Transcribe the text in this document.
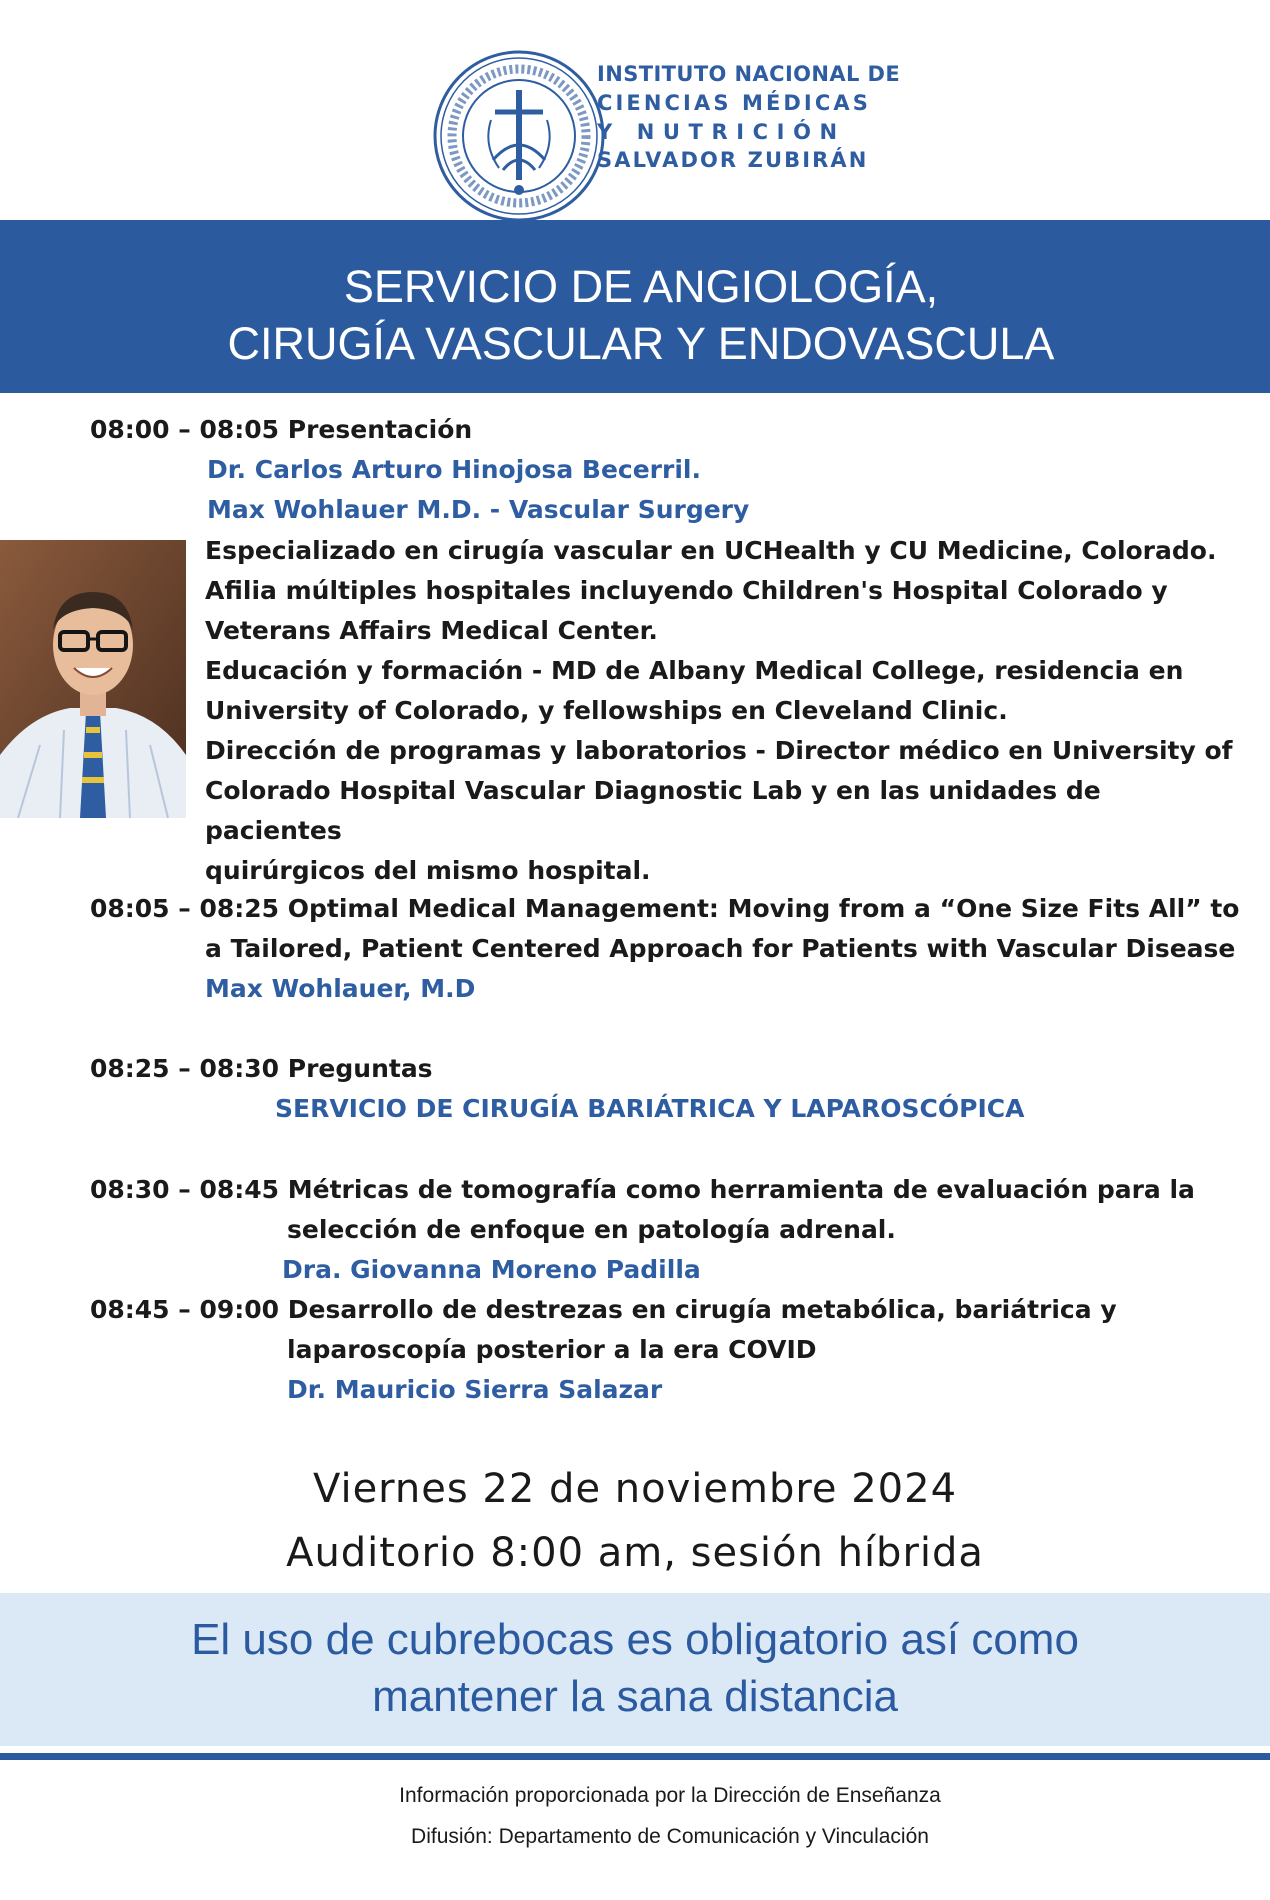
INSTITUTO NACIONAL DE
CIENCIAS MÉDICAS
Y NUTRICIÓN
SALVADOR ZUBIRÁN
SERVICIO DE ANGIOLOGÍA,
CIRUGÍA VASCULAR Y ENDOVASCULA
08:00 – 08:05 Presentación
Dr. Carlos Arturo Hinojosa Becerril.
Max Wohlauer M.D. - Vascular Surgery
Especializado en cirugía vascular en UCHealth y CU Medicine, Colorado.
Afilia múltiples hospitales incluyendo Children's Hospital Colorado y
Veterans Affairs Medical Center.
Educación y formación - MD de Albany Medical College, residencia en
University of Colorado, y fellowships en Cleveland Clinic.
Dirección de programas y laboratorios - Director médico en University of
Colorado Hospital Vascular Diagnostic Lab y en las unidades de pacientes
quirúrgicos del mismo hospital.
08:05 – 08:25 Optimal Medical Management: Moving from a “One Size Fits All” to
a Tailored, Patient Centered Approach for Patients with Vascular Disease
Max Wohlauer, M.D
08:25 – 08:30 Preguntas
SERVICIO DE CIRUGÍA BARIÁTRICA Y LAPAROSCÓPICA
08:30 – 08:45 Métricas de tomografía como herramienta de evaluación para la
selección de enfoque en patología adrenal.
Dra. Giovanna Moreno Padilla
08:45 – 09:00 Desarrollo de destrezas en cirugía metabólica, bariátrica y
laparoscopía posterior a la era COVID
Dr. Mauricio Sierra Salazar
Viernes 22 de noviembre 2024
Auditorio 8:00 am, sesión híbrida
El uso de cubrebocas es obligatorio así como
mantener la sana distancia
Información proporcionada por la Dirección de Enseñanza
Difusión: Departamento de Comunicación y Vinculación
